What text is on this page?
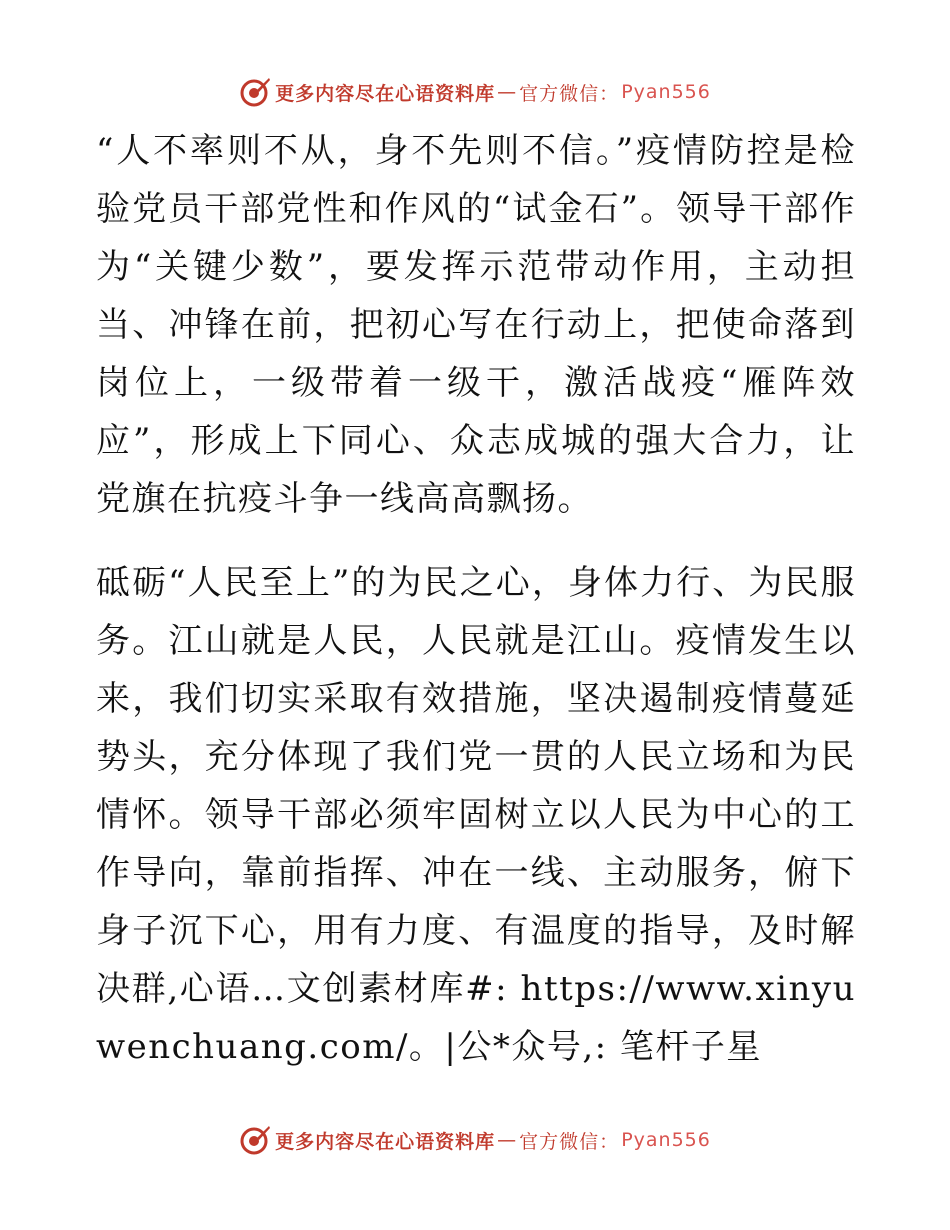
更多内容尽在心语资料库 — 官方微信： Pyan556

“人不率则不从，身不先则不信。”疫情防控是检验党员干部党性和作风的“试金石”。领导干部作为“关键少数”，要发挥示范带动作用，主动担当、冲锋在前，把初心写在行动上，把使命落到岗位上，一级带着一级干，激活战疫“雁阵效应”，形成上下同心、众志成城的强大合力，让党旗在抗疫斗争一线高高飘扬。

砥砺“人民至上”的为民之心，身体力行、为民服务。江山就是人民，人民就是江山。疫情发生以来，我们切实采取有效措施，坚决遏制疫情蔓延势头，充分体现了我们党一贯的人民立场和为民情怀。领导干部必须牢固树立以人民为中心的工作导向，靠前指挥、冲在一线、主动服务，俯下身子沉下心，用有力度、有温度的指导，及时解决群,心语…文创素材库#: https://www.xinyuwenchuang.com/。|公*众号,: 笔杆子星

更多内容尽在心语资料库 — 官方微信： Pyan556
